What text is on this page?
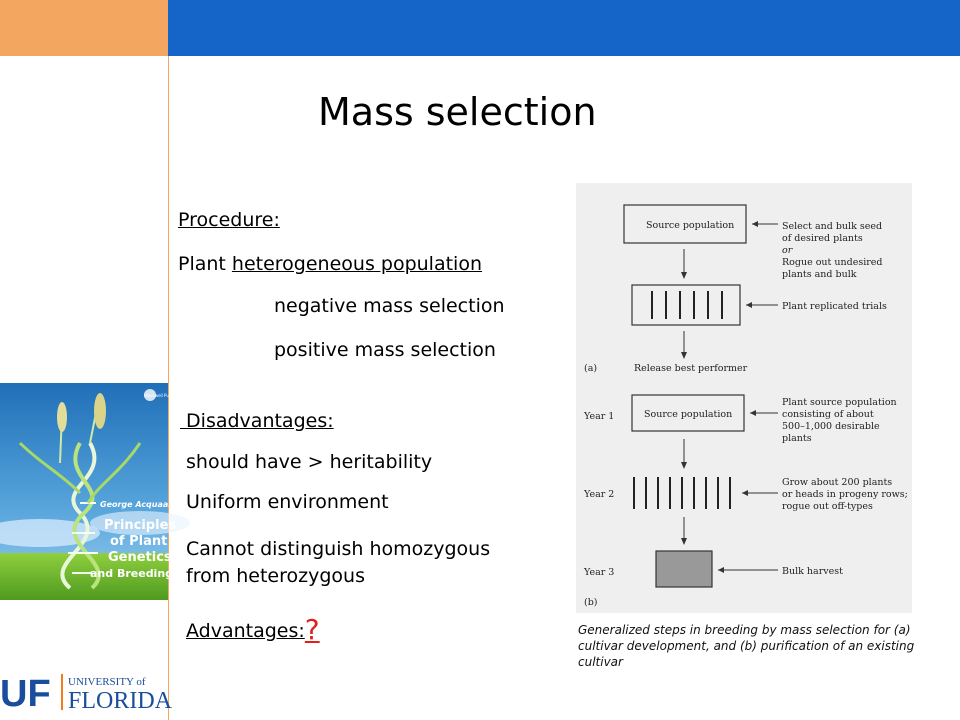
Mass selection
Procedure:
Plant heterogeneous population
negative mass selection
positive mass selection
Disadvantages:
should have > heritability
Uniform environment
Cannot distinguish homozygous
from heterozygous
Advantages:?
George Acquaah
Principles
of Plant
Genetics
and Breeding
Blackwell Publishing
UF UNIVERSITY of
FLORIDA
Source population	Select and bulk seed
of desired plants
or
Rogue out undesired
plants and bulk
Plant replicated trials
(a)	Release best performer
Year 1	Source population
Plant source population
consisting of about
500–1,000 desirable
plants
Year 2
Grow about 200 plants
or heads in progeny rows;
rogue out off-types
Year 3	Bulk harvest
(b)
Generalized steps in breeding by mass selection for (a) cultivar development, and (b) purification of an existing cultivar
